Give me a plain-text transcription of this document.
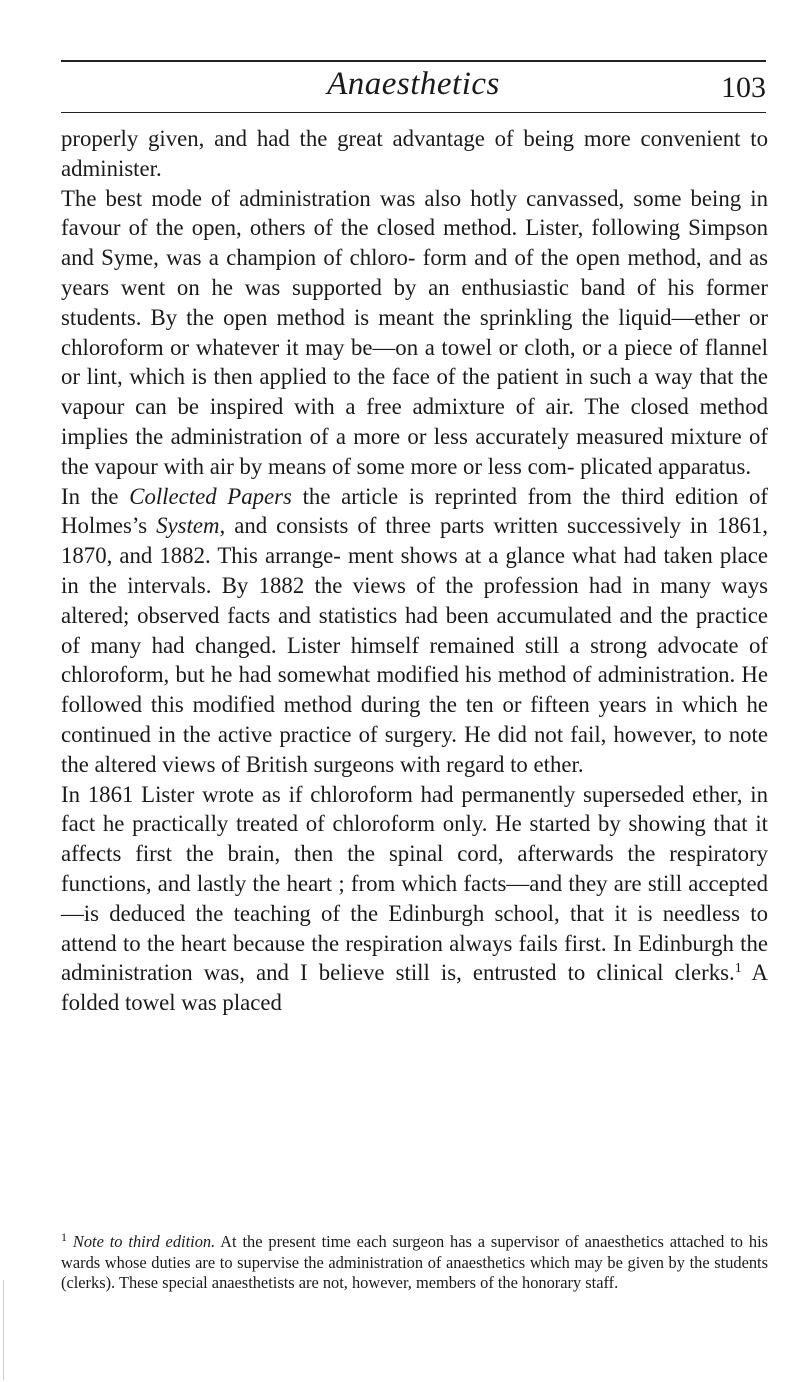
Anaesthetics	103

properly given, and had the great advantage of being more convenient to administer.

The best mode of administration was also hotly canvassed, some being in favour of the open, others of the closed method. Lister, following Simpson and Syme, was a champion of chloro- form and of the open method, and as years went on he was supported by an enthusiastic band of his former students. By the open method is meant the sprinkling the liquid—ether or chloroform or whatever it may be—on a towel or cloth, or a piece of flannel or lint, which is then applied to the face of the patient in such a way that the vapour can be inspired with a free admixture of air. The closed method implies the administration of a more or less accurately measured mixture of the vapour with air by means of some more or less com- plicated apparatus.

In the Collected Papers the article is reprinted from the third edition of Holmes’s System, and consists of three parts written successively in 1861, 1870, and 1882. This arrange- ment shows at a glance what had taken place in the intervals. By 1882 the views of the profession had in many ways altered; observed facts and statistics had been accumulated and the practice of many had changed. Lister himself remained still a strong advocate of chloroform, but he had somewhat modified his method of administration. He followed this modified method during the ten or fifteen years in which he continued in the active practice of surgery. He did not fail, however, to note the altered views of British surgeons with regard to ether.

In 1861 Lister wrote as if chloroform had permanently superseded ether, in fact he practically treated of chloroform only. He started by showing that it affects first the brain, then the spinal cord, afterwards the respiratory functions, and lastly the heart ; from which facts—and they are still accepted —is deduced the teaching of the Edinburgh school, that it is needless to attend to the heart because the respiration always fails first. In Edinburgh the administration was, and I believe still is, entrusted to clinical clerks.$^1$ A folded towel was placed

$^1$ Note to third edition. At the present time each surgeon has a supervisor of anaesthetics attached to his wards whose duties are to supervise the administration of anaesthetics which may be given by the students (clerks). These special anaesthetists are not, however, members of the honorary staff.
